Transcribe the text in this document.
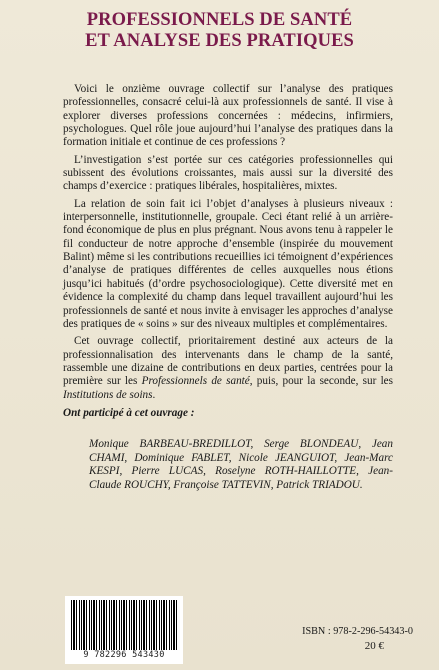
PROFESSIONNELS DE SANTÉ
ET ANALYSE DES PRATIQUES

Voici le onzième ouvrage collectif sur l’analyse des pratiques professionnelles, consacré celui-là aux professionnels de santé. Il vise à explorer diverses professions concernées : médecins, infirmiers, psychologues. Quel rôle joue aujourd’hui l’analyse des pratiques dans la formation initiale et continue de ces professions ?

L’investigation s’est portée sur ces catégories professionnelles qui subissent des évolutions croissantes, mais aussi sur la diversité des champs d’exercice : pratiques libérales, hospitalières, mixtes.

La relation de soin fait ici l’objet d’analyses à plusieurs niveaux : interpersonnelle, institutionnelle, groupale. Ceci étant relié à un arrière-fond économique de plus en plus prégnant. Nous avons tenu à rappeler le fil conducteur de notre approche d’ensemble (inspirée du mouvement Balint) même si les contributions recueillies ici témoignent d’expériences d’analyse de pratiques différentes de celles auxquelles nous étions jusqu’ici habitués (d’ordre psychosociologique). Cette diversité met en évidence la complexité du champ dans lequel travaillent aujourd’hui les professionnels de santé et nous invite à envisager les approches d’analyse des pratiques de « soins » sur des niveaux multiples et complémentaires.

Cet ouvrage collectif, prioritairement destiné aux acteurs de la professionnalisation des intervenants dans le champ de la santé, rassemble une dizaine de contributions en deux parties, centrées pour la première sur les Professionnels de santé, puis, pour la seconde, sur les Institutions de soins.

Ont participé à cet ouvrage :
Monique BARBEAU-BREDILLOT, Serge BLONDEAU, Jean CHAMI, Dominique FABLET, Nicole JEANGUIOT, Jean-Marc KESPI, Pierre LUCAS, Roselyne ROTH-HAILLOTTE, Jean-Claude ROUCHY, Françoise TATTEVIN, Patrick TRIADOU.
9 782296 543430
ISBN : 978-2-296-54343-0
20 €
